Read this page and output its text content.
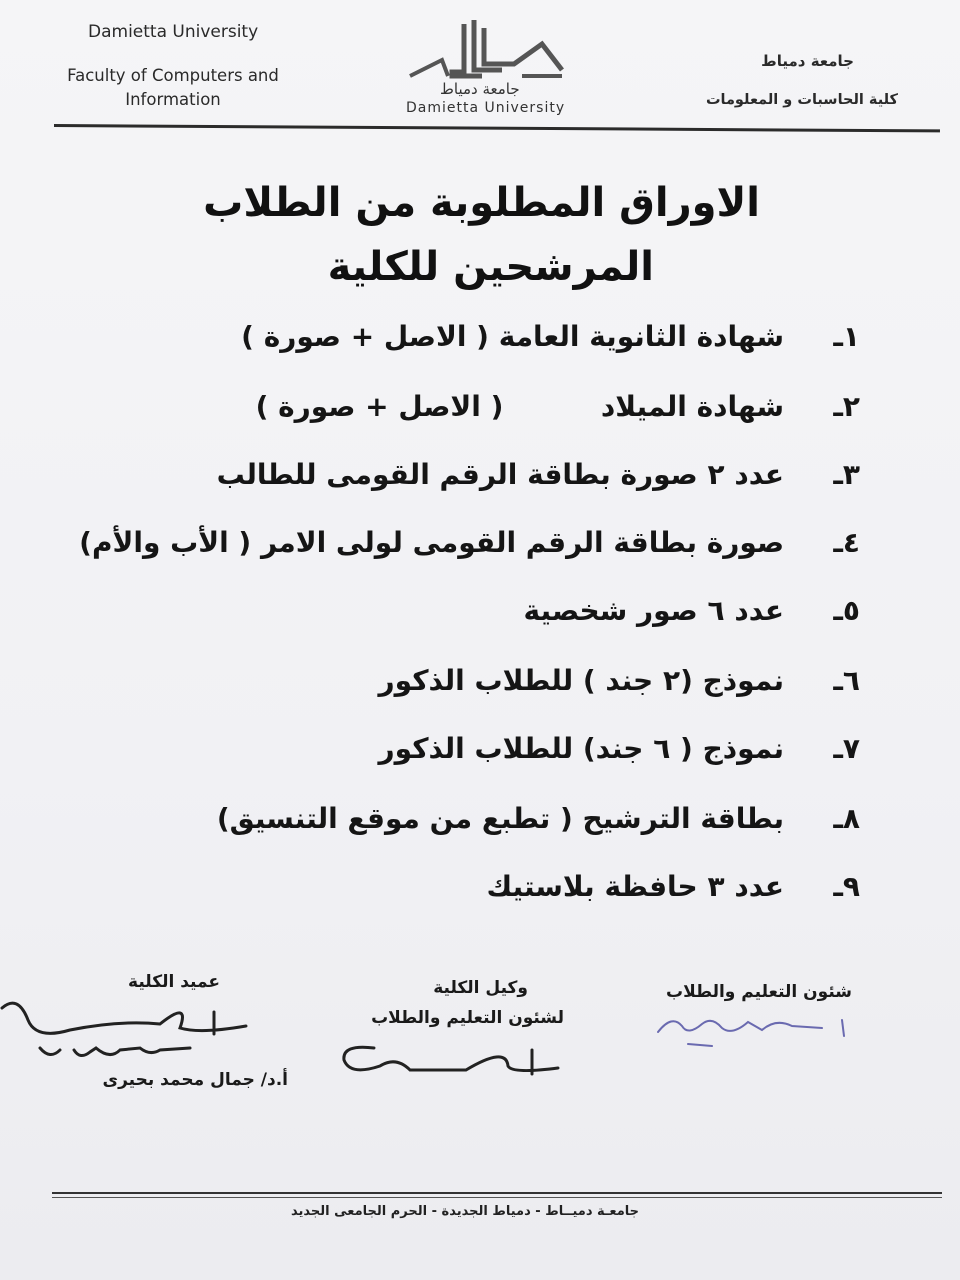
Damietta University
Faculty of Computers and Information
جامعة دمياط
كلية الحاسبات و المعلومات
جامعة دمياط
Damietta University
الاوراق المطلوبة من الطلاب
المرشحين للكلية
١ـشهادة الثانوية العامة ( الاصل + صورة )
٢ـشهادة الميلاد          ( الاصل + صورة )
٣ـعدد ٢ صورة بطاقة الرقم القومى للطالب
٤ـصورة بطاقة الرقم القومى لولى الامر ( الأب والأم)
٥ـعدد ٦ صور شخصية
٦ـنموذج (٢ جند ) للطلاب الذكور
٧ـنموذج ( ٦ جند) للطلاب الذكور
٨ـبطاقة الترشيح ( تطبع من موقع التنسيق)
٩ـعدد ٣ حافظة بلاستيك
عميد الكلية	وكيل الكلية
لشئون التعليم والطلاب
شئون التعليم والطلاب
أ.د/ جمال محمد بحيرى
جامعـة دميــاط - دمياط الجديدة - الحرم الجامعى الجديد
